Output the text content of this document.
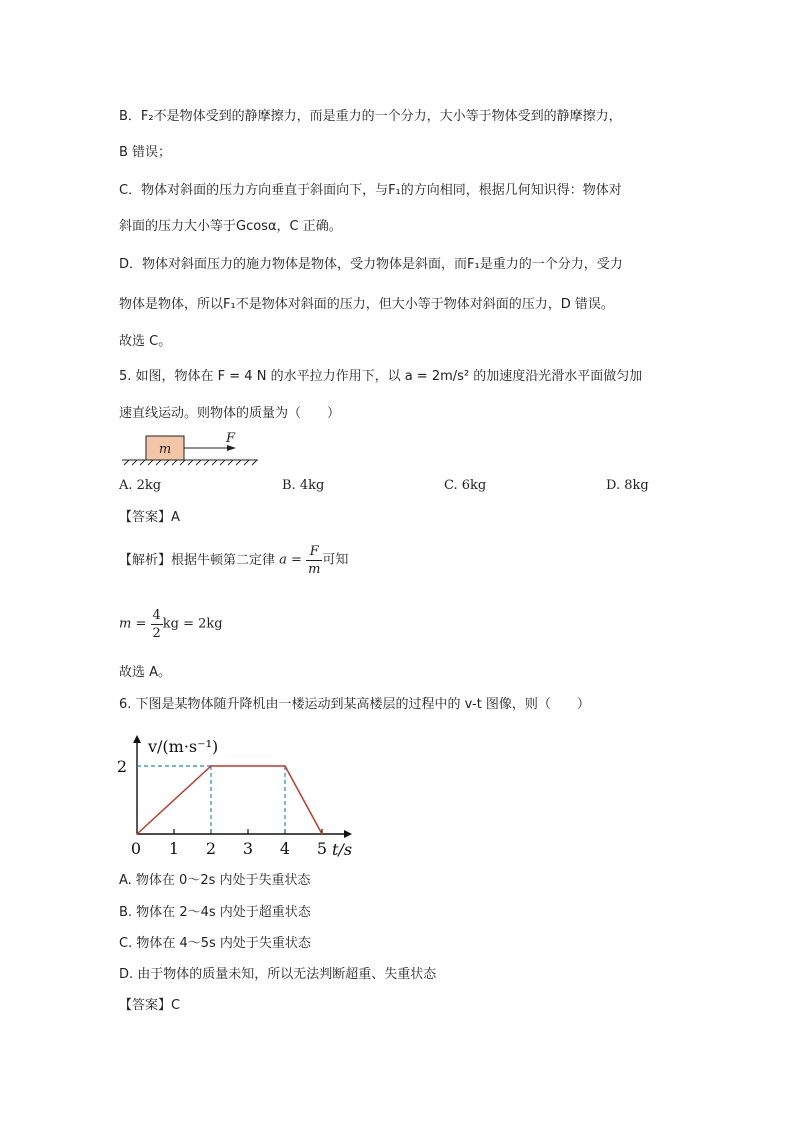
B．F₂不是物体受到的静摩擦力，而是重力的一个分力，大小等于物体受到的静摩擦力，
B 错误；
C．物体对斜面的压力方向垂直于斜面向下，与F₁的方向相同，根据几何知识得：物体对
斜面的压力大小等于Gcosα，C 正确。
D．物体对斜面压力的施力物体是物体，受力物体是斜面，而F₁是重力的一个分力，受力
物体是物体，所以F₁不是物体对斜面的压力，但大小等于物体对斜面的压力，D 错误。
故选 C。
5. 如图，物体在 F = 4 N 的水平拉力作用下，以 a = 2m/s² 的加速度沿光滑水平面做匀加
速直线运动。则物体的质量为（　　）
m
F
A. 2kg	B. 4kg	C. 6kg	D. 8kg
【答案】A
【解析】根据牛顿第二定律 $a = \frac{F}{m}$ 可知
$m = \frac{4}{2}$ kg = 2kg
故选 A。
6. 下图是某物体随升降机由一楼运动到某高楼层的过程中的 v-t 图像，则（　　）
0 1 2 3 4 5
2
t/s
v/(m·s⁻¹)
A. 物体在 0～2s 内处于失重状态
B. 物体在 2～4s 内处于超重状态
C. 物体在 4～5s 内处于失重状态
D. 由于物体的质量未知，所以无法判断超重、失重状态
【答案】C
